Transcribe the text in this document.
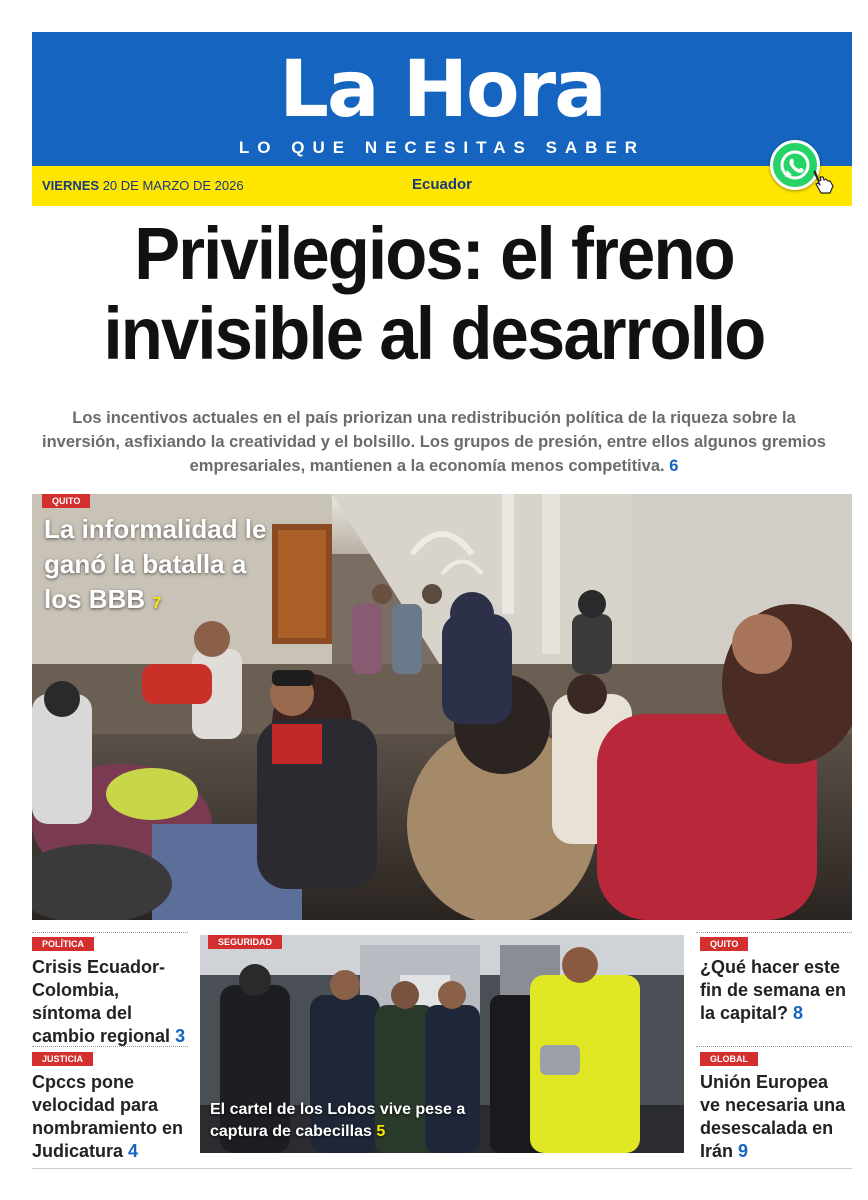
La Hora
LO QUE NECESITAS SABER
VIERNES 20 DE MARZO DE 2026	Ecuador
Privilegios: el freno invisible al desarrollo
Los incentivos actuales en el país priorizan una redistribución política de la riqueza sobre la inversión, asfixiando la creatividad y el bolsillo. Los grupos de presión, entre ellos algunos gremios empresariales, mantienen a la economía menos competitiva. 6
QUITO
La informalidad le ganó la batalla a los BBB 7
POLÍTICA
Crisis Ecuador-Colombia, síntoma del cambio regional 3
JUSTICIA
Cpccs pone velocidad para nombramiento en Judicatura 4
SEGURIDAD
El cartel de los Lobos vive pese a captura de cabecillas 5
QUITO
¿Qué hacer este fin de semana en la capital? 8
GLOBAL
Unión Europea ve necesaria una desescalada en Irán 9
